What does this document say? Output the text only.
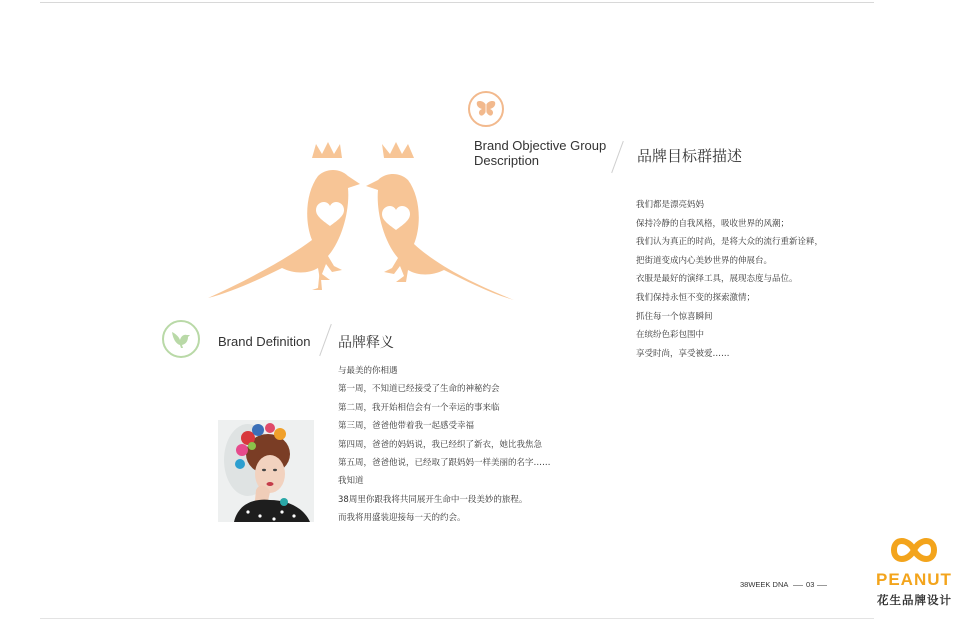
Brand Objective Group
Description	品牌目标群描述
我们都是漂亮妈妈
保持冷静的自我风格，吸收世界的风潮；
我们认为真正的时尚，是将大众的流行重新诠释，
把街道变成内心美妙世界的伸展台。
衣服是最好的演绎工具，展现态度与品位。
我们保持永恒不变的探索激情；
抓住每一个惊喜瞬间
在缤纷色彩包围中
享受时尚，享受被爱……
Brand Definition 品牌释义
与最美的你相遇
第一周，不知道已经接受了生命的神秘约会
第二周，我开始相信会有一个幸运的事来临
第三周，爸爸他带着我一起感受幸福
第四周，爸爸的妈妈说，我已经织了新衣，她比我焦急
第五周，爸爸他说，已经取了跟妈妈一样美丽的名字……
我知道
38周里你跟我将共同展开生命中一段美妙的旅程。
而我将用盛装迎接每一天的约会。
38WEEK DNA 03	PEANUT
花生品牌设计
